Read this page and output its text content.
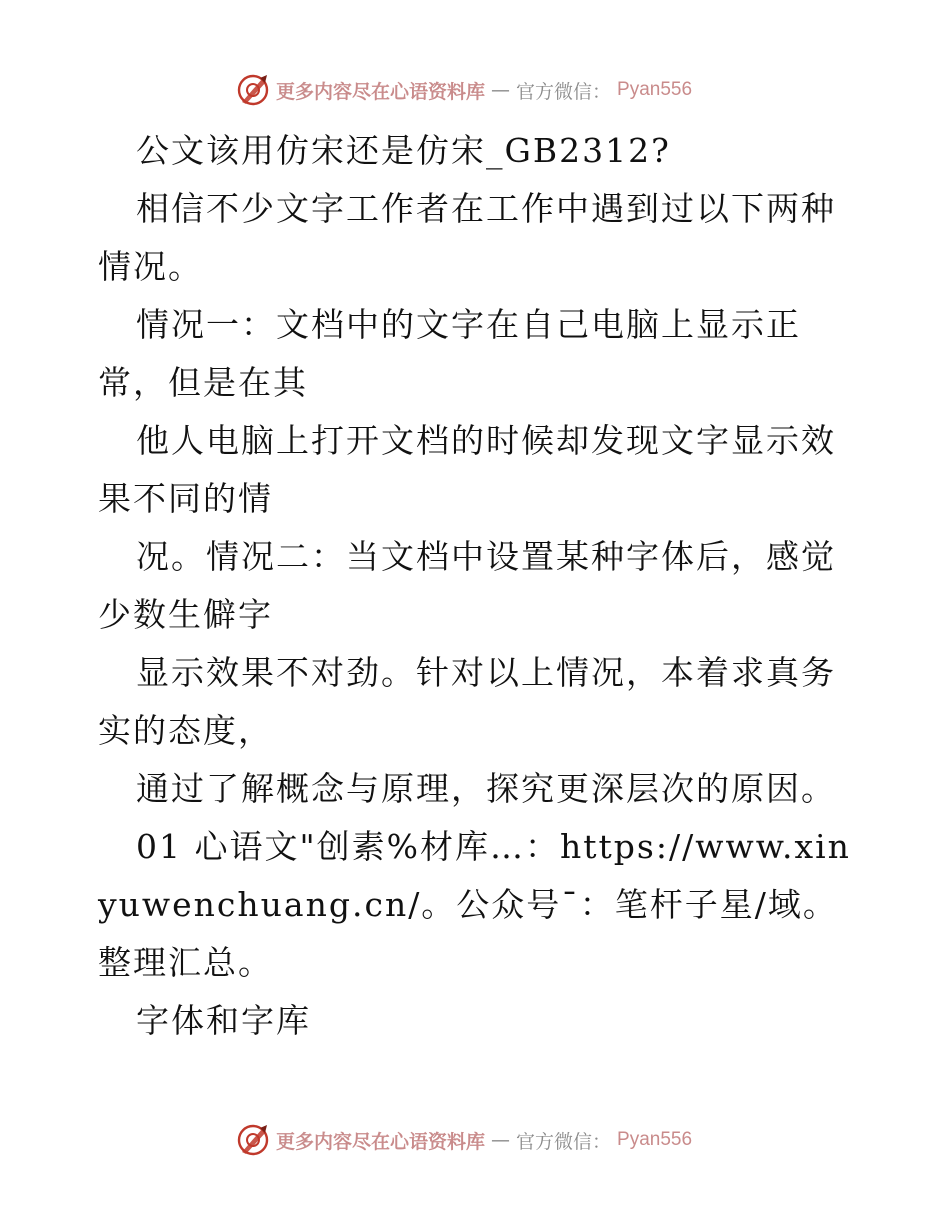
更多内容尽在心语资料库 — 官方微信： Pyan556

公文该用仿宋还是仿宋_GB2312?

相信不少文字工作者在工作中遇到过以下两种情况。

情况一：文档中的文字在自己电脑上显示正常，但是在其

他人电脑上打开文档的时候却发现文字显示效果不同的情

况。情况二：当文档中设置某种字体后，感觉少数生僻字

显示效果不对劲。针对以上情况，本着求真务实的态度，

通过了解概念与原理，探究更深层次的原因。

01 心语文"创素%材库…：https://www.xinyuwenchuang.cn/。公众号¯：笔杆子星/域。整理汇总。

字体和字库

更多内容尽在心语资料库 — 官方微信： Pyan556
